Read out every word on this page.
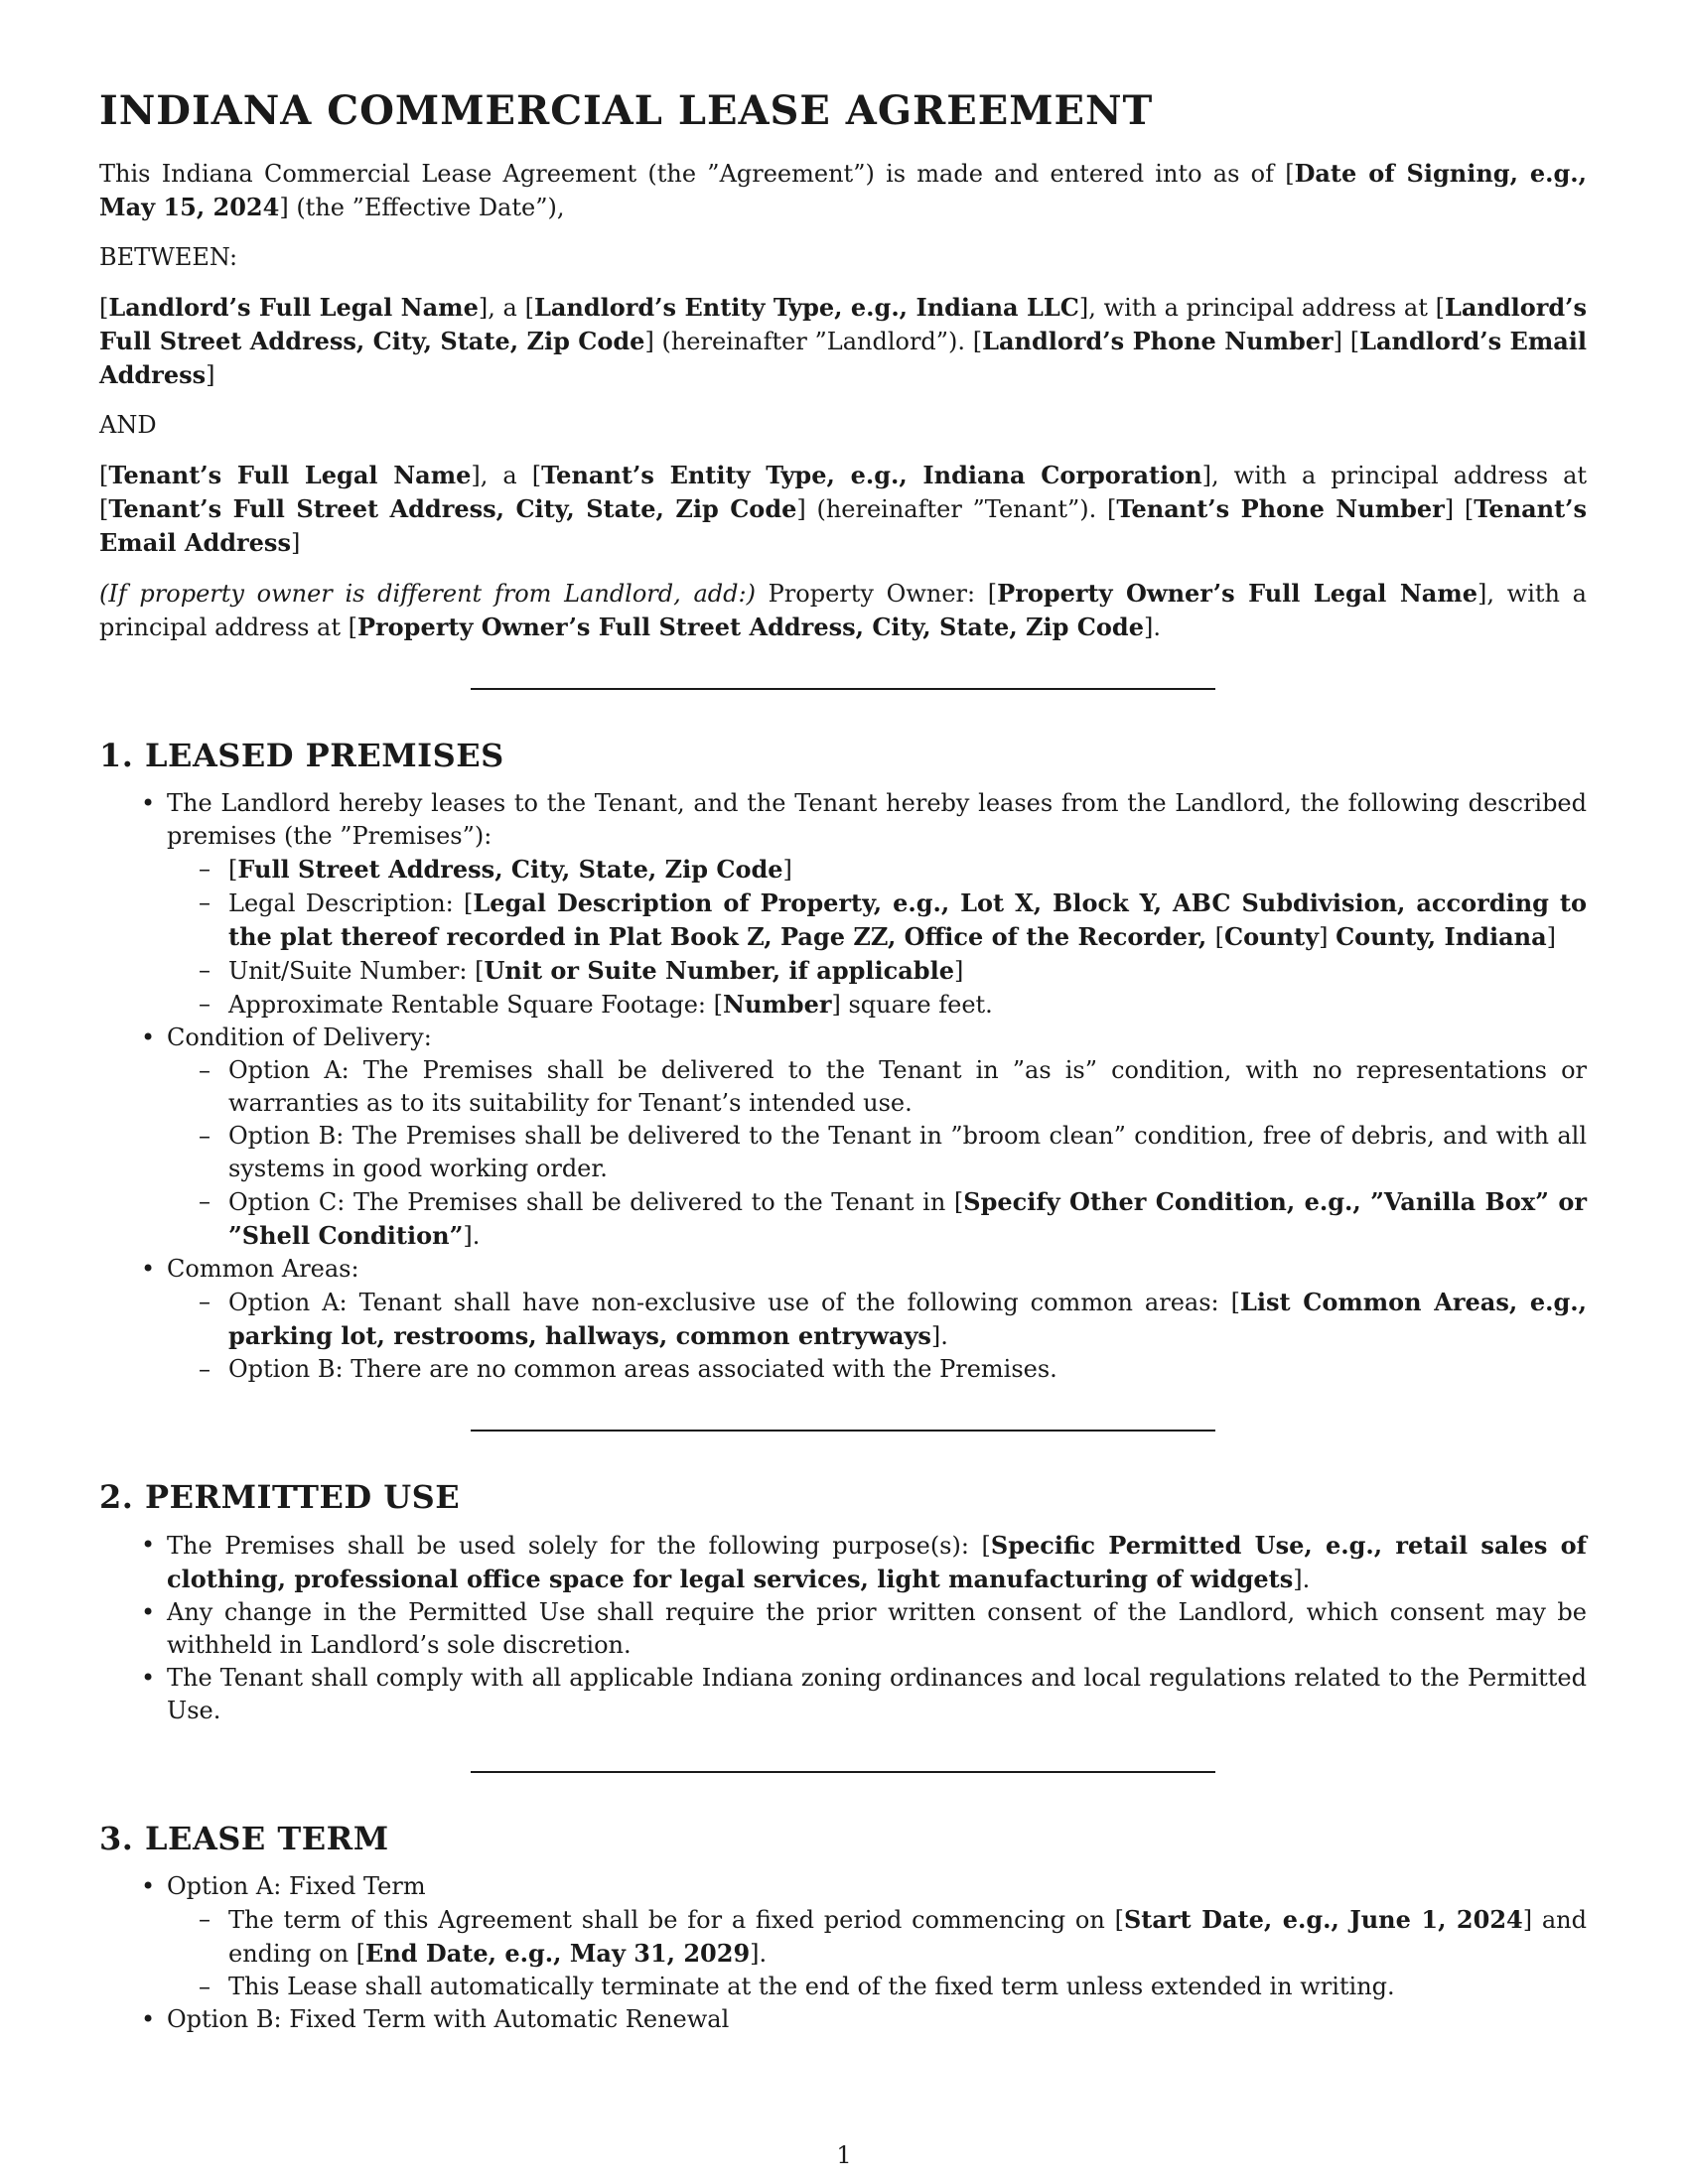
INDIANA COMMERCIAL LEASE AGREEMENT

This Indiana Commercial Lease Agreement (the ”Agreement”) is made and entered into as of [Date of Signing, e.g., May 15, 2024] (the ”Effective Date”),

BETWEEN:

[Landlord’s Full Legal Name], a [Landlord’s Entity Type, e.g., Indiana LLC], with a principal address at [Landlord’s Full Street Address, City, State, Zip Code] (hereinafter ”Landlord”). [Landlord’s Phone Number] [Landlord’s Email Address]

AND

[Tenant’s Full Legal Name], a [Tenant’s Entity Type, e.g., Indiana Corporation], with a principal address at [Tenant’s Full Street Address, City, State, Zip Code] (hereinafter ”Tenant”). [Tenant’s Phone Number] [Tenant’s Email Address]

(If property owner is different from Landlord, add:) Property Owner: [Property Owner’s Full Legal Name], with a principal address at [Property Owner’s Full Street Address, City, State, Zip Code].

1. LEASED PREMISES
• The Landlord hereby leases to the Tenant, and the Tenant hereby leases from the Landlord, the following described premises (the ”Premises”):
– [Full Street Address, City, State, Zip Code]
– Legal Description: [Legal Description of Property, e.g., Lot X, Block Y, ABC Subdivision, according to the plat thereof recorded in Plat Book Z, Page ZZ, Office of the Recorder, [County] County, Indiana]
– Unit/Suite Number: [Unit or Suite Number, if applicable]
– Approximate Rentable Square Footage: [Number] square feet.
• Condition of Delivery:
– Option A: The Premises shall be delivered to the Tenant in ”as is” condition, with no representations or warranties as to its suitability for Tenant’s intended use.
– Option B: The Premises shall be delivered to the Tenant in ”broom clean” condition, free of debris, and with all systems in good working order.
– Option C: The Premises shall be delivered to the Tenant in [Specify Other Condition, e.g., ”Vanilla Box” or ”Shell Condition”].
• Common Areas:
– Option A: Tenant shall have non-exclusive use of the following common areas: [List Common Areas, e.g., parking lot, restrooms, hallways, common entryways].
– Option B: There are no common areas associated with the Premises.
2. PERMITTED USE
• The Premises shall be used solely for the following purpose(s): [Specific Permitted Use, e.g., retail sales of clothing, professional office space for legal services, light manufacturing of widgets].
• Any change in the Permitted Use shall require the prior written consent of the Landlord, which consent may be withheld in Landlord’s sole discretion.
• The Tenant shall comply with all applicable Indiana zoning ordinances and local regulations related to the Permitted Use.
3. LEASE TERM
• Option A: Fixed Term
– The term of this Agreement shall be for a fixed period commencing on [Start Date, e.g., June 1, 2024] and ending on [End Date, e.g., May 31, 2029].
– This Lease shall automatically terminate at the end of the fixed term unless extended in writing.
• Option B: Fixed Term with Automatic Renewal
1
